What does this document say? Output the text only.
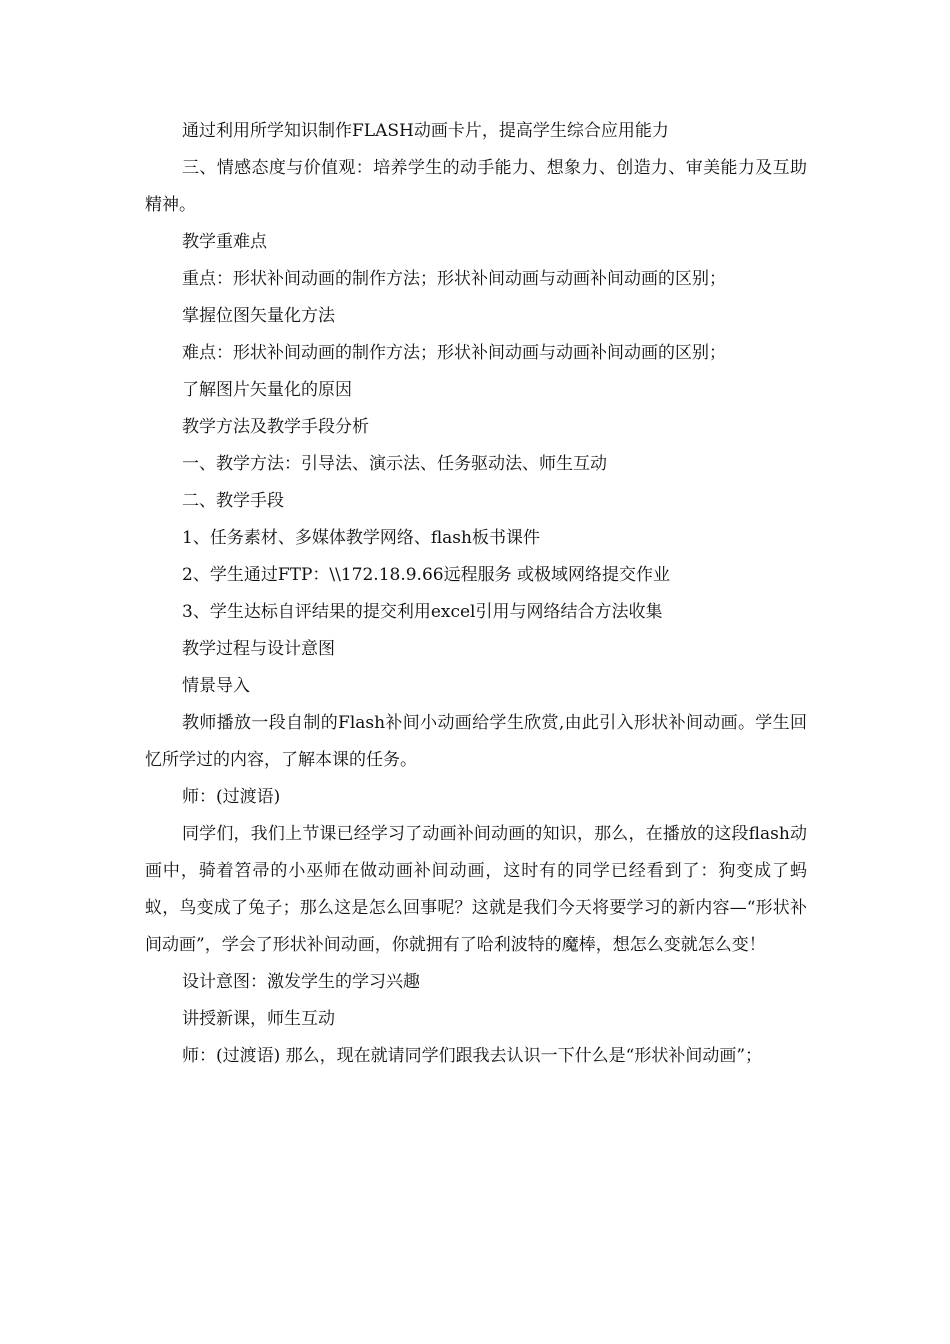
通过利用所学知识制作FLASH动画卡片，提高学生综合应用能力

三、情感态度与价值观：培养学生的动手能力、想象力、创造力、审美能力及互助精神。

教学重难点

重点：形状补间动画的制作方法；形状补间动画与动画补间动画的区别；

掌握位图矢量化方法

难点：形状补间动画的制作方法；形状补间动画与动画补间动画的区别；

了解图片矢量化的原因

教学方法及教学手段分析

一、教学方法：引导法、演示法、任务驱动法、师生互动

二、教学手段

1、任务素材、多媒体教学网络、flash板书课件

2、学生通过FTP：\\172.18.9.66远程服务 或极域网络提交作业

3、学生达标自评结果的提交利用excel引用与网络结合方法收集

教学过程与设计意图

情景导入

教师播放一段自制的Flash补间小动画给学生欣赏,由此引入形状补间动画。学生回忆所学过的内容，了解本课的任务。

师：(过渡语)

同学们，我们上节课已经学习了动画补间动画的知识，那么，在播放的这段flash动画中，骑着笤帚的小巫师在做动画补间动画，这时有的同学已经看到了：狗变成了蚂蚁，鸟变成了兔子；那么这是怎么回事呢？这就是我们今天将要学习的新内容—“形状补间动画”，学会了形状补间动画，你就拥有了哈利波特的魔棒，想怎么变就怎么变！

设计意图：激发学生的学习兴趣

讲授新课，师生互动

师：(过渡语) 那么，现在就请同学们跟我去认识一下什么是“形状补间动画”；
